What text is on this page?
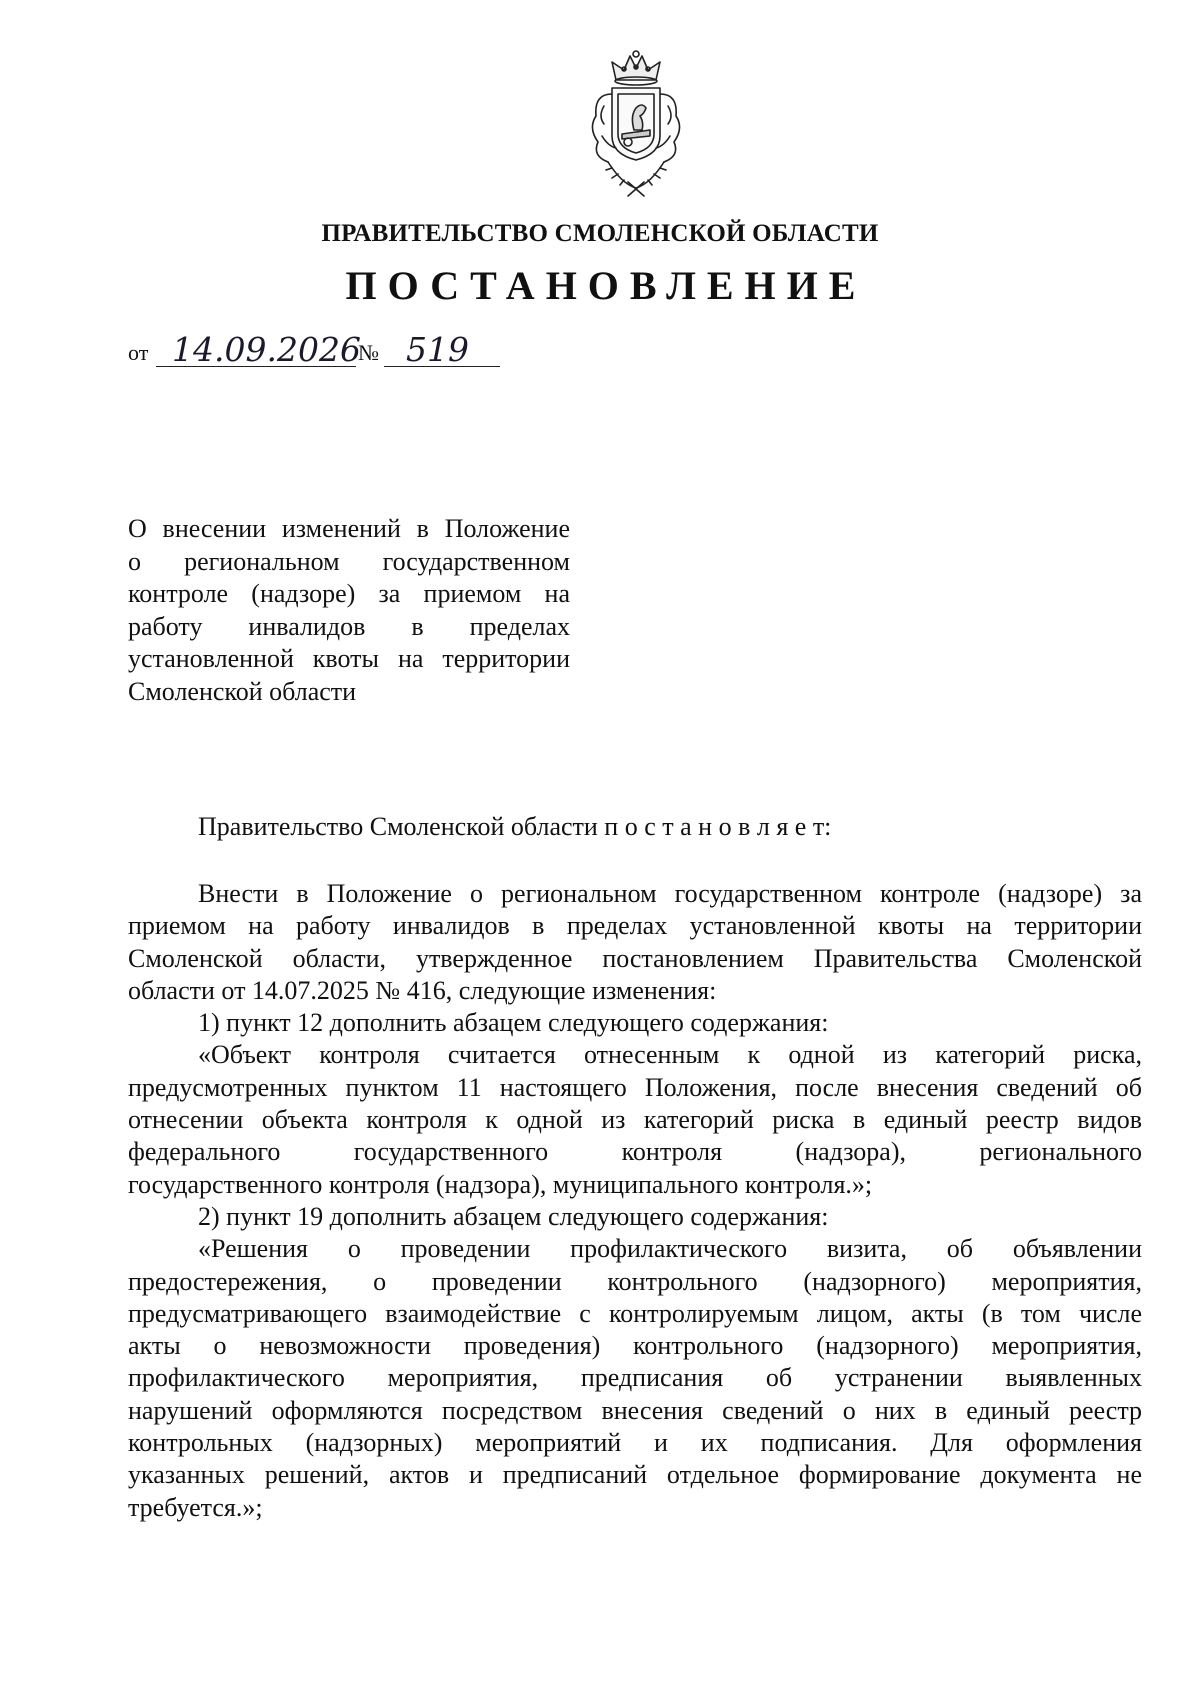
ПРАВИТЕЛЬСТВО СМОЛЕНСКОЙ ОБЛАСТИ
ПОСТАНОВЛЕНИЕ
от 14.09.2026
№ 519
О внесении изменений в Положение
о региональном государственном
контроле (надзоре) за приемом на
работу инвалидов в пределах
установленной квоты на территории
Смоленской области
Правительство Смоленской области п о с т а н о в л я е т:
Внести в Положение о региональном государственном контроле (надзоре) за
приемом на работу инвалидов в пределах установленной квоты на территории
Смоленской области, утвержденное постановлением Правительства Смоленской
области от 14.07.2025 № 416, следующие изменения:
1) пункт 12 дополнить абзацем следующего содержания:
«Объект контроля считается отнесенным к одной из категорий риска,
предусмотренных пунктом 11 настоящего Положения, после внесения сведений об
отнесении объекта контроля к одной из категорий риска в единый реестр видов
федерального государственного контроля (надзора), регионального
государственного контроля (надзора), муниципального контроля.»;
2) пункт 19 дополнить абзацем следующего содержания:
«Решения о проведении профилактического визита, об объявлении
предостережения, о проведении контрольного (надзорного) мероприятия,
предусматривающего взаимодействие с контролируемым лицом, акты (в том числе
акты о невозможности проведения) контрольного (надзорного) мероприятия,
профилактического мероприятия, предписания об устранении выявленных
нарушений оформляются посредством внесения сведений о них в единый реестр
контрольных (надзорных) мероприятий и их подписания. Для оформления
указанных решений, актов и предписаний отдельное формирование документа не
требуется.»;
